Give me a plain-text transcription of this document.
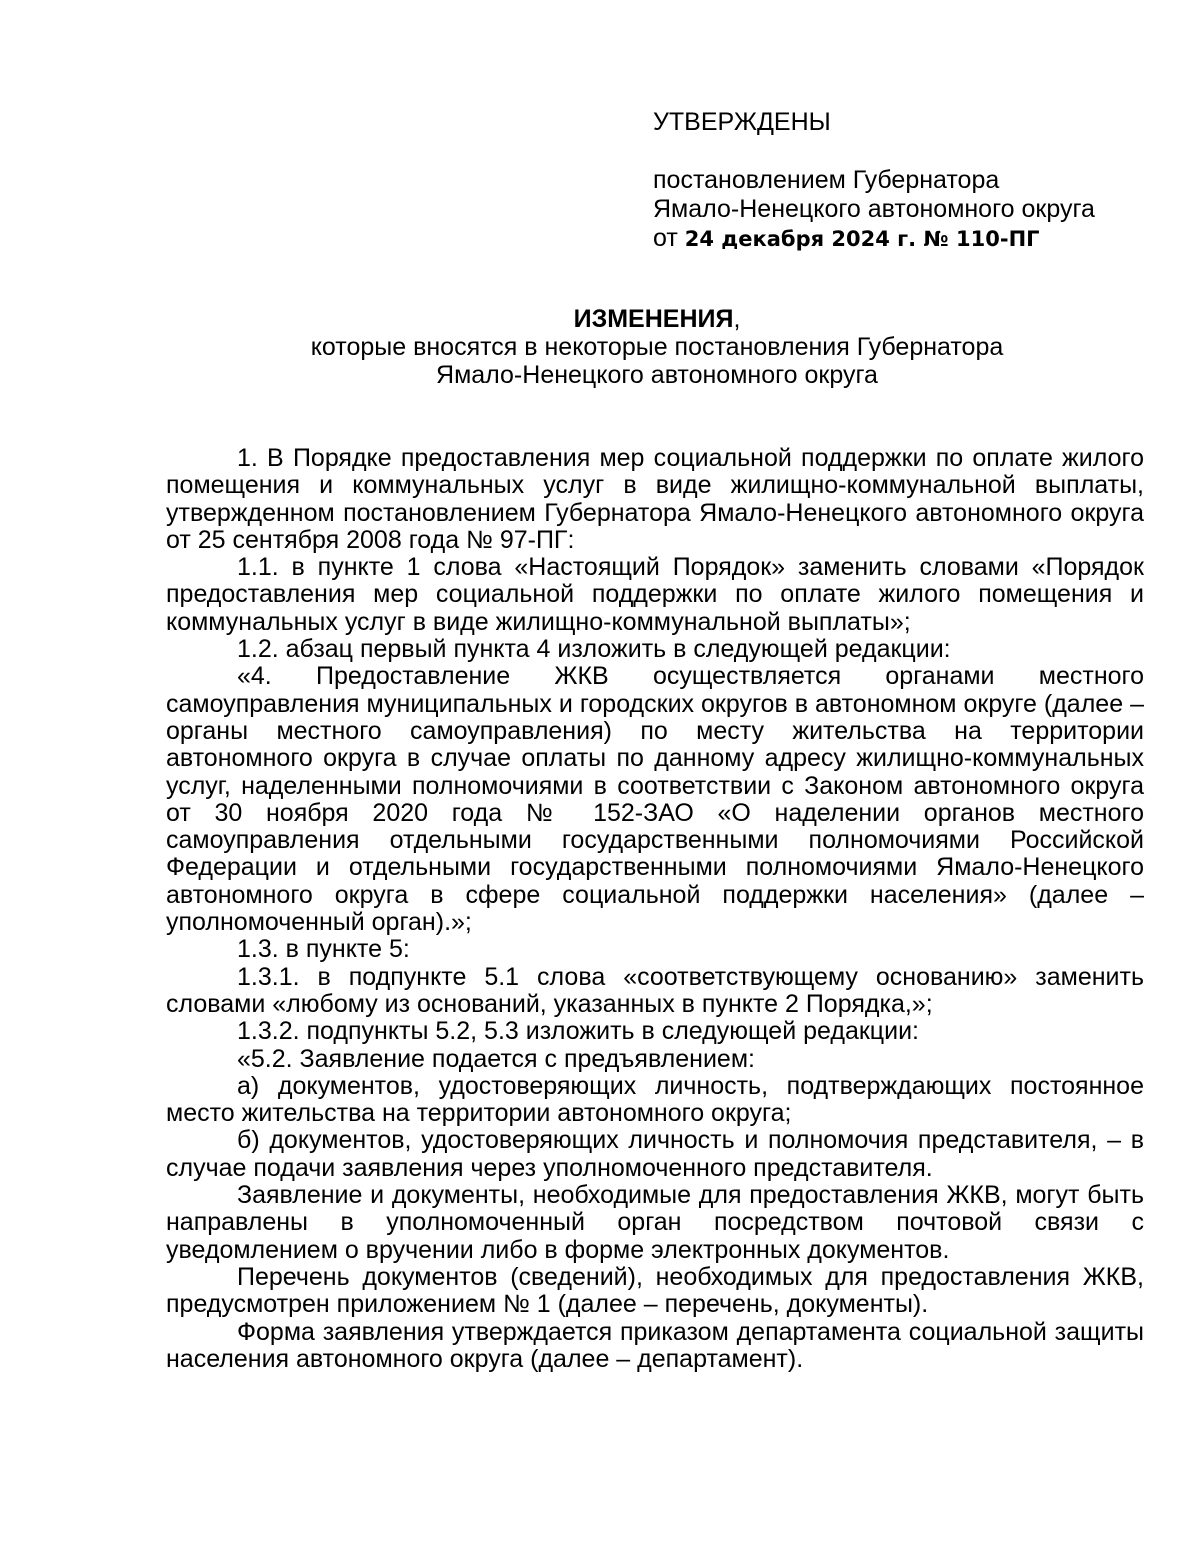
УТВЕРЖДЕНЫ
постановлением Губернатора
Ямало-Ненецкого автономного округа
от 24 декабря 2024 г. № 110-ПГ
ИЗМЕНЕНИЯ,
которые вносятся в некоторые постановления Губернатора
Ямало-Ненецкого автономного округа

1. В Порядке предоставления мер социальной поддержки по оплате жилого помещения и коммунальных услуг в виде жилищно-коммунальной выплаты, утвержденном постановлением Губернатора Ямало-Ненецкого автономного округа от 25 сентября 2008 года № 97-ПГ:

1.1. в пункте 1 слова «Настоящий Порядок» заменить словами «Порядок предоставления мер социальной поддержки по оплате жилого помещения и коммунальных услуг в виде жилищно-коммунальной выплаты»;

1.2. абзац первый пункта 4 изложить в следующей редакции:

«4. Предоставление ЖКВ осуществляется органами местного самоуправления муниципальных и городских округов в автономном округе (далее – органы местного самоуправления) по месту жительства на территории автономного округа в случае оплаты по данному адресу жилищно-коммунальных услуг, наделенными полномочиями в соответствии с Законом автономного округа от 30 ноября 2020 года № 152-ЗАО «О наделении органов местного самоуправления отдельными государственными полномочиями Российской Федерации и отдельными государственными полномочиями Ямало-Ненецкого автономного округа в сфере социальной поддержки населения» (далее – уполномоченный орган).»;

1.3. в пункте 5:

1.3.1. в подпункте 5.1 слова «соответствующему основанию» заменить словами «любому из оснований, указанных в пункте 2 Порядка,»;

1.3.2. подпункты 5.2, 5.3 изложить в следующей редакции:

«5.2. Заявление подается с предъявлением:

а) документов, удостоверяющих личность, подтверждающих постоянное место жительства на территории автономного округа;

б) документов, удостоверяющих личность и полномочия представителя, – в случае подачи заявления через уполномоченного представителя.

Заявление и документы, необходимые для предоставления ЖКВ, могут быть направлены в уполномоченный орган посредством почтовой связи с уведомлением о вручении либо в форме электронных документов.

Перечень документов (сведений), необходимых для предоставления ЖКВ, предусмотрен приложением № 1 (далее – перечень, документы).

Форма заявления утверждается приказом департамента социальной защиты населения автономного округа (далее – департамент).
